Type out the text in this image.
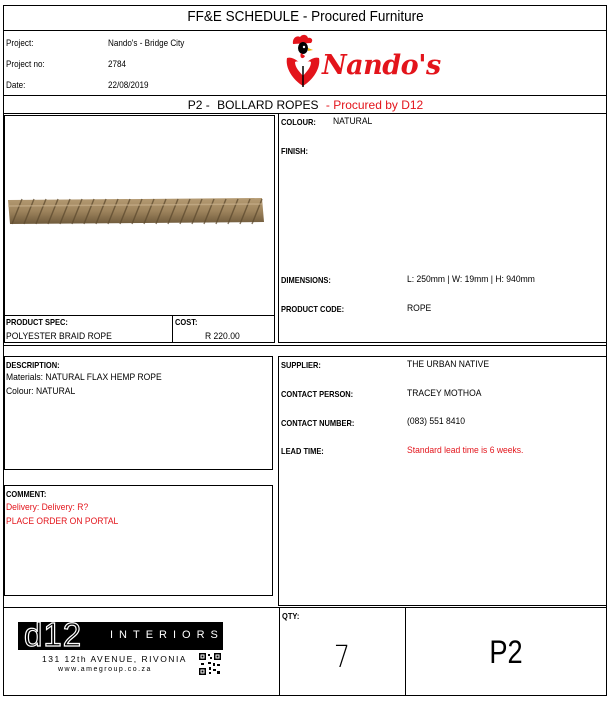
FF&E SCHEDULE - Procured Furniture
Project:	Nando's - Bridge City
Project no:	2784
Date:	22/08/2019
Nando's
P2 - BOLLARD ROPES - Procured by D12
PRODUCT SPEC:
POLYESTER BRAID ROPE
COST:
R 220.00
COLOUR: NATURAL
FINISH:
DIMENSIONS:	L: 250mm | W: 19mm | H: 940mm
PRODUCT CODE:	ROPE
DESCRIPTION:
Materials: NATURAL FLAX HEMP ROPE
Colour: NATURAL
SUPPLIER:	THE URBAN NATIVE
CONTACT PERSON:	TRACEY MOTHOA
CONTACT NUMBER:	(083) 551 8410
LEAD TIME:	Standard lead time is 6 weeks.
COMMENT:
Delivery: Delivery: R?
PLACE ORDER ON PORTAL
d12	INTERIORS
131 12th AVENUE, RIVONIA
www.amegroup.co.za
QTY:
7	P2
